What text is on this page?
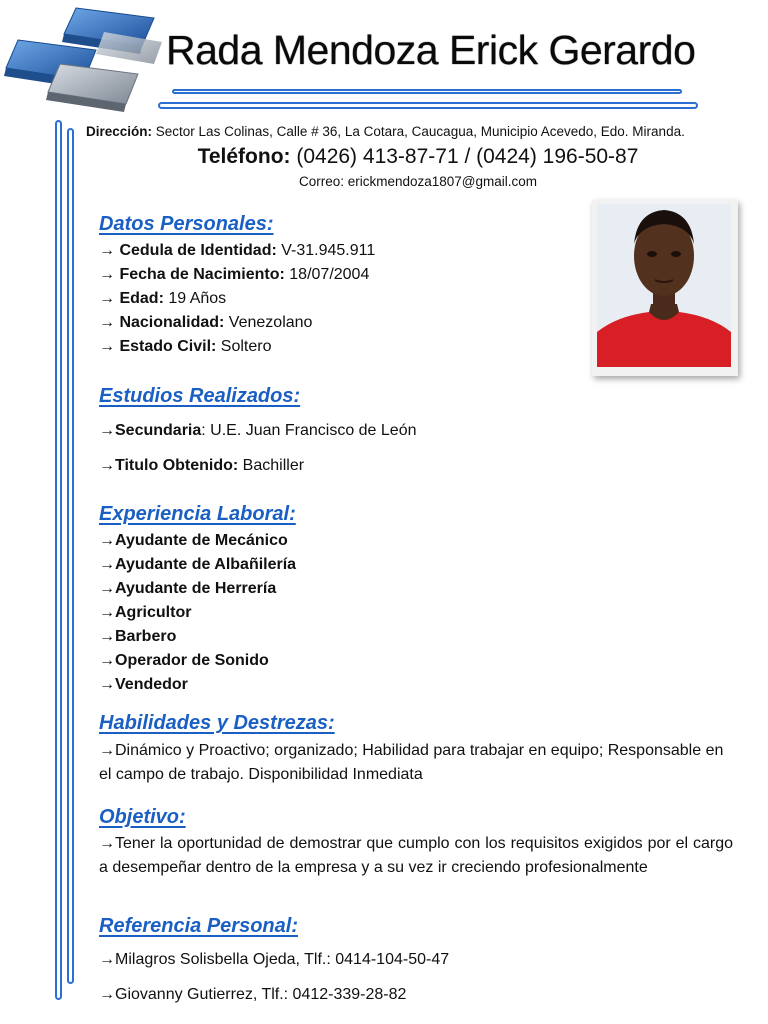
Rada Mendoza Erick Gerardo
Dirección: Sector Las Colinas, Calle # 36, La Cotara, Caucagua, Municipio Acevedo, Edo. Miranda.
Teléfono: (0426) 413-87-71 / (0424) 196-50-87
Correo: erickmendoza1807@gmail.com
Datos Personales:
→ Cedula de Identidad: V-31.945.911
→ Fecha de Nacimiento: 18/07/2004
→ Edad: 19 Años
→ Nacionalidad: Venezolano
→ Estado Civil: Soltero
Estudios Realizados:
→Secundaria: U.E. Juan Francisco de León
→Titulo Obtenido: Bachiller
Experiencia Laboral:
→Ayudante de Mecánico
→Ayudante de Albañilería
→Ayudante de Herrería
→Agricultor
→Barbero
→Operador de Sonido
→Vendedor
Habilidades y Destrezas:
→Dinámico y Proactivo; organizado; Habilidad para trabajar en equipo; Responsable en el campo de trabajo. Disponibilidad Inmediata
Objetivo:
→Tener la oportunidad de demostrar que cumplo con los requisitos exigidos por el cargo a desempeñar dentro de la empresa y a su vez ir creciendo profesionalmente
Referencia Personal:
→Milagros Solisbella Ojeda, Tlf.: 0414-104-50-47
→Giovanny Gutierrez, Tlf.: 0412-339-28-82
